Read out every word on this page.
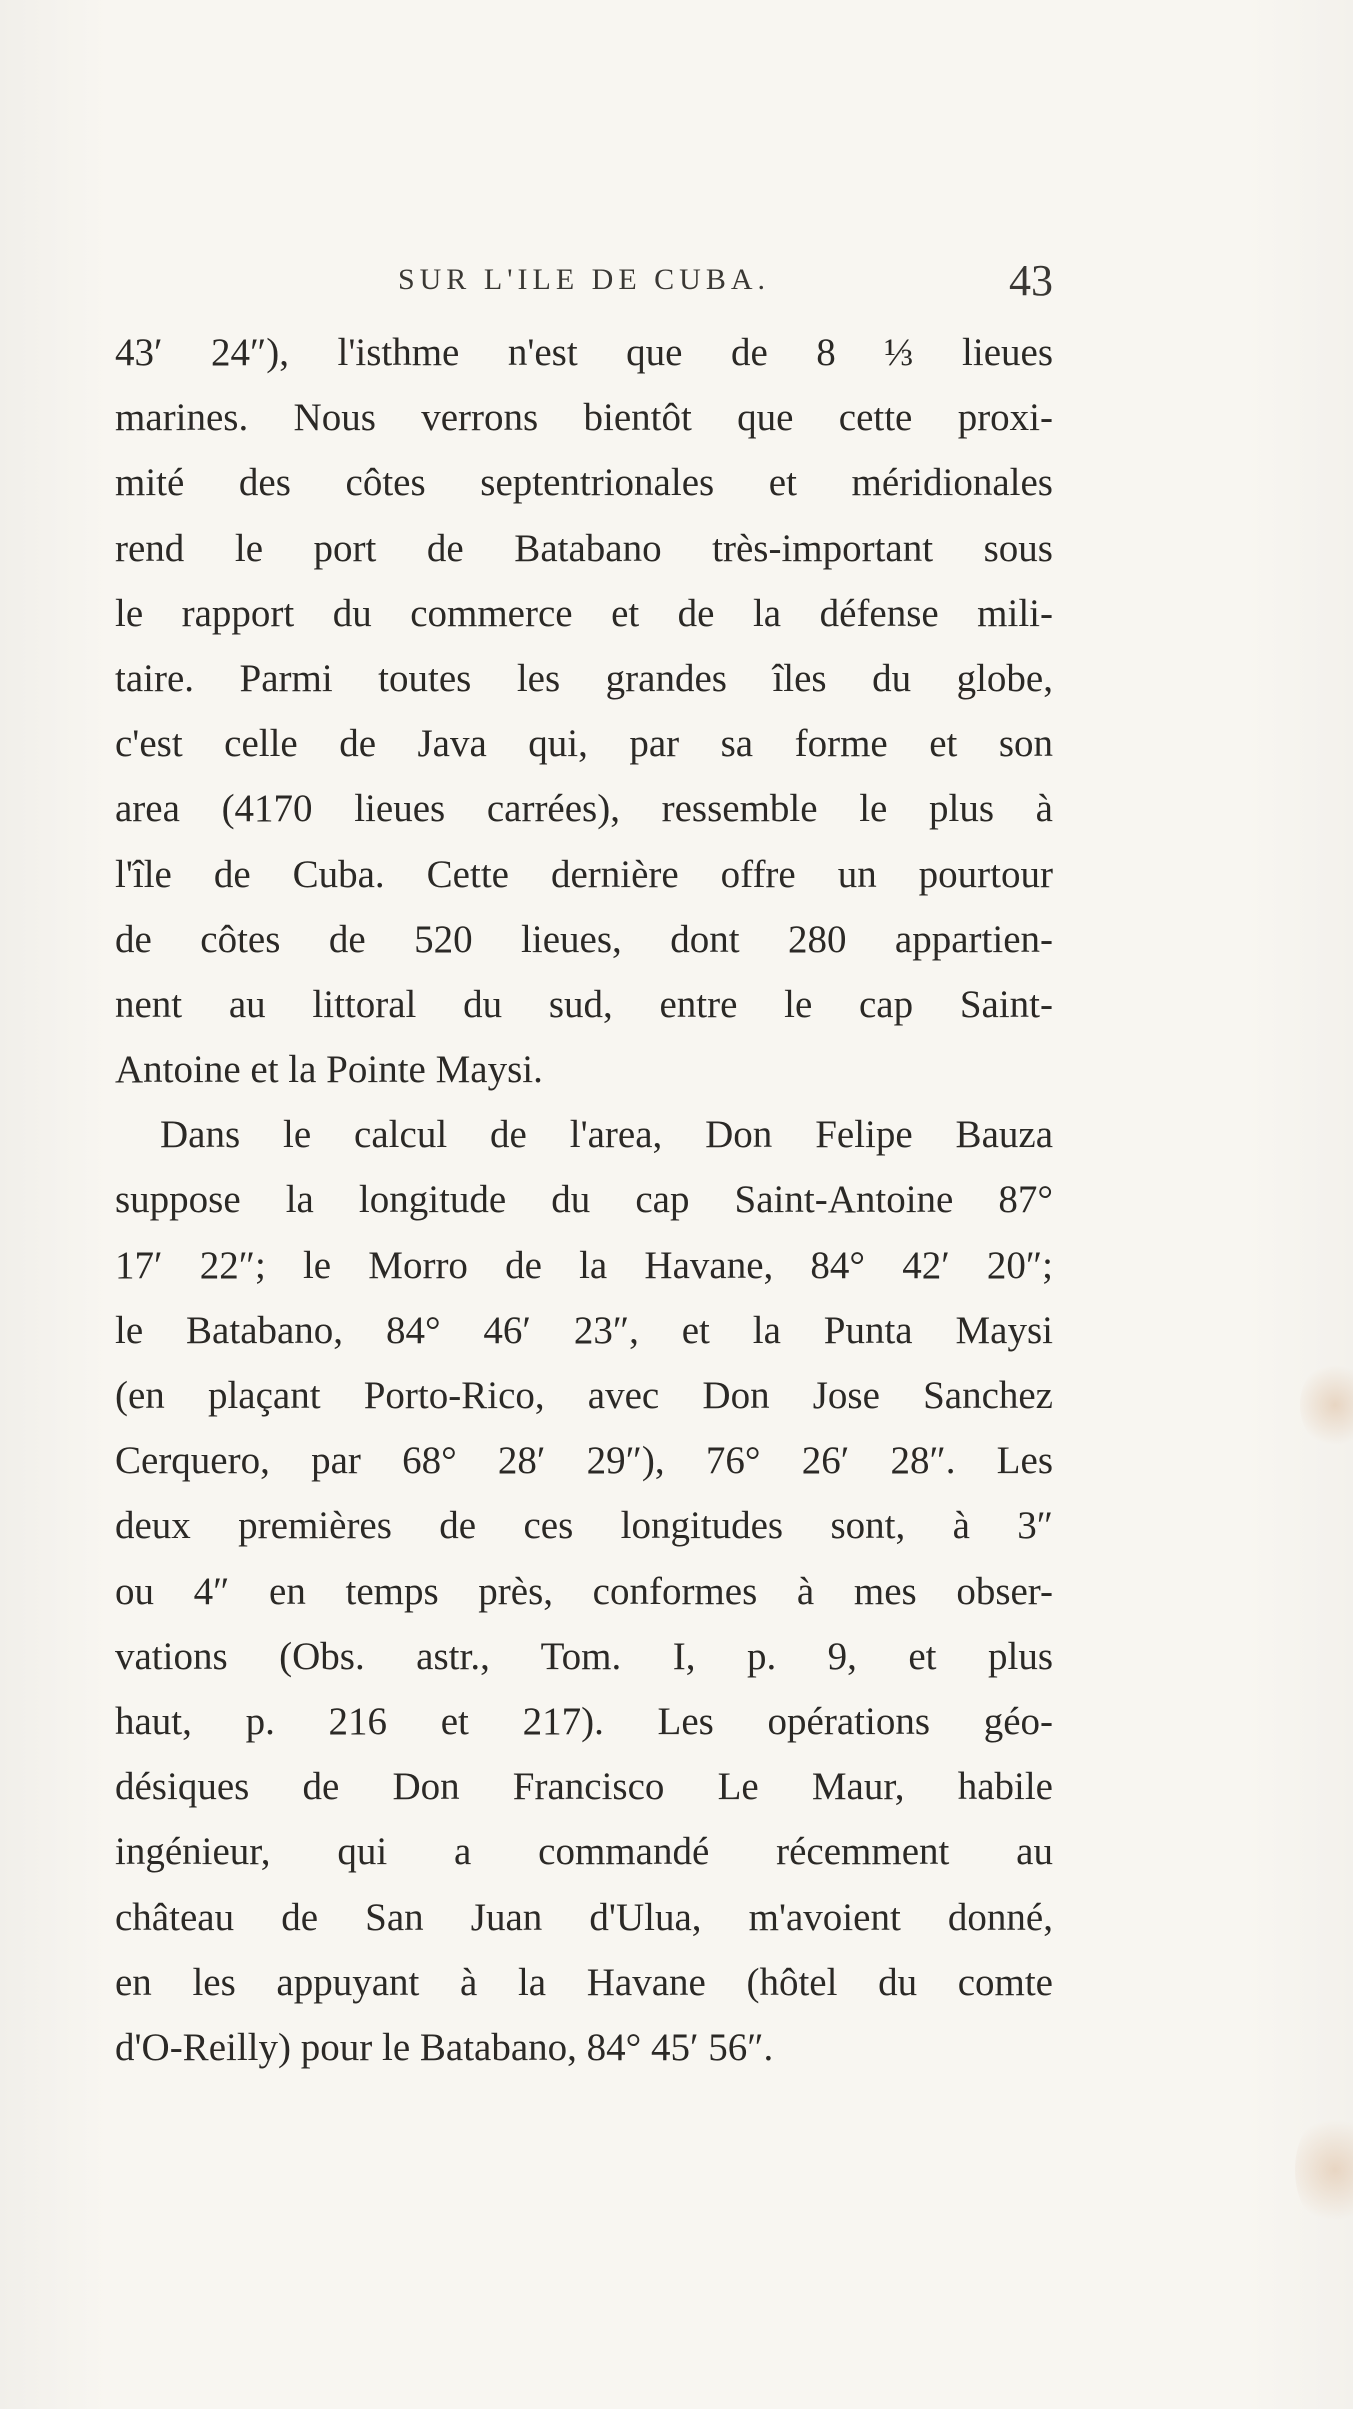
SUR L'ILE DE CUBA.	43
43′ 24″), l'isthme n'est que de 8 ⅓ lieues
marines. Nous verrons bientôt que cette proxi-
mité des côtes septentrionales et méridionales
rend le port de Batabano très-important sous
le rapport du commerce et de la défense mili-
taire. Parmi toutes les grandes îles du globe,
c'est celle de Java qui, par sa forme et son
area (4170 lieues carrées), ressemble le plus à
l'île de Cuba. Cette dernière offre un pourtour
de côtes de 520 lieues, dont 280 appartien-
nent au littoral du sud, entre le cap Saint-
Antoine et la Pointe Maysi.
Dans le calcul de l'area, Don Felipe Bauza
suppose la longitude du cap Saint-Antoine 87°
17′ 22″; le Morro de la Havane, 84° 42′ 20″;
le Batabano, 84° 46′ 23″, et la Punta Maysi
(en plaçant Porto-Rico, avec Don Jose Sanchez
Cerquero, par 68° 28′ 29″), 76° 26′ 28″. Les
deux premières de ces longitudes sont, à 3″
ou 4″ en temps près, conformes à mes obser-
vations (Obs. astr., Tom. I, p. 9, et plus
haut, p. 216 et 217). Les opérations géo-
désiques de Don Francisco Le Maur, habile
ingénieur, qui a commandé récemment au
château de San Juan d'Ulua, m'avoient donné,
en les appuyant à la Havane (hôtel du comte
d'O-Reilly) pour le Batabano, 84° 45′ 56″.
